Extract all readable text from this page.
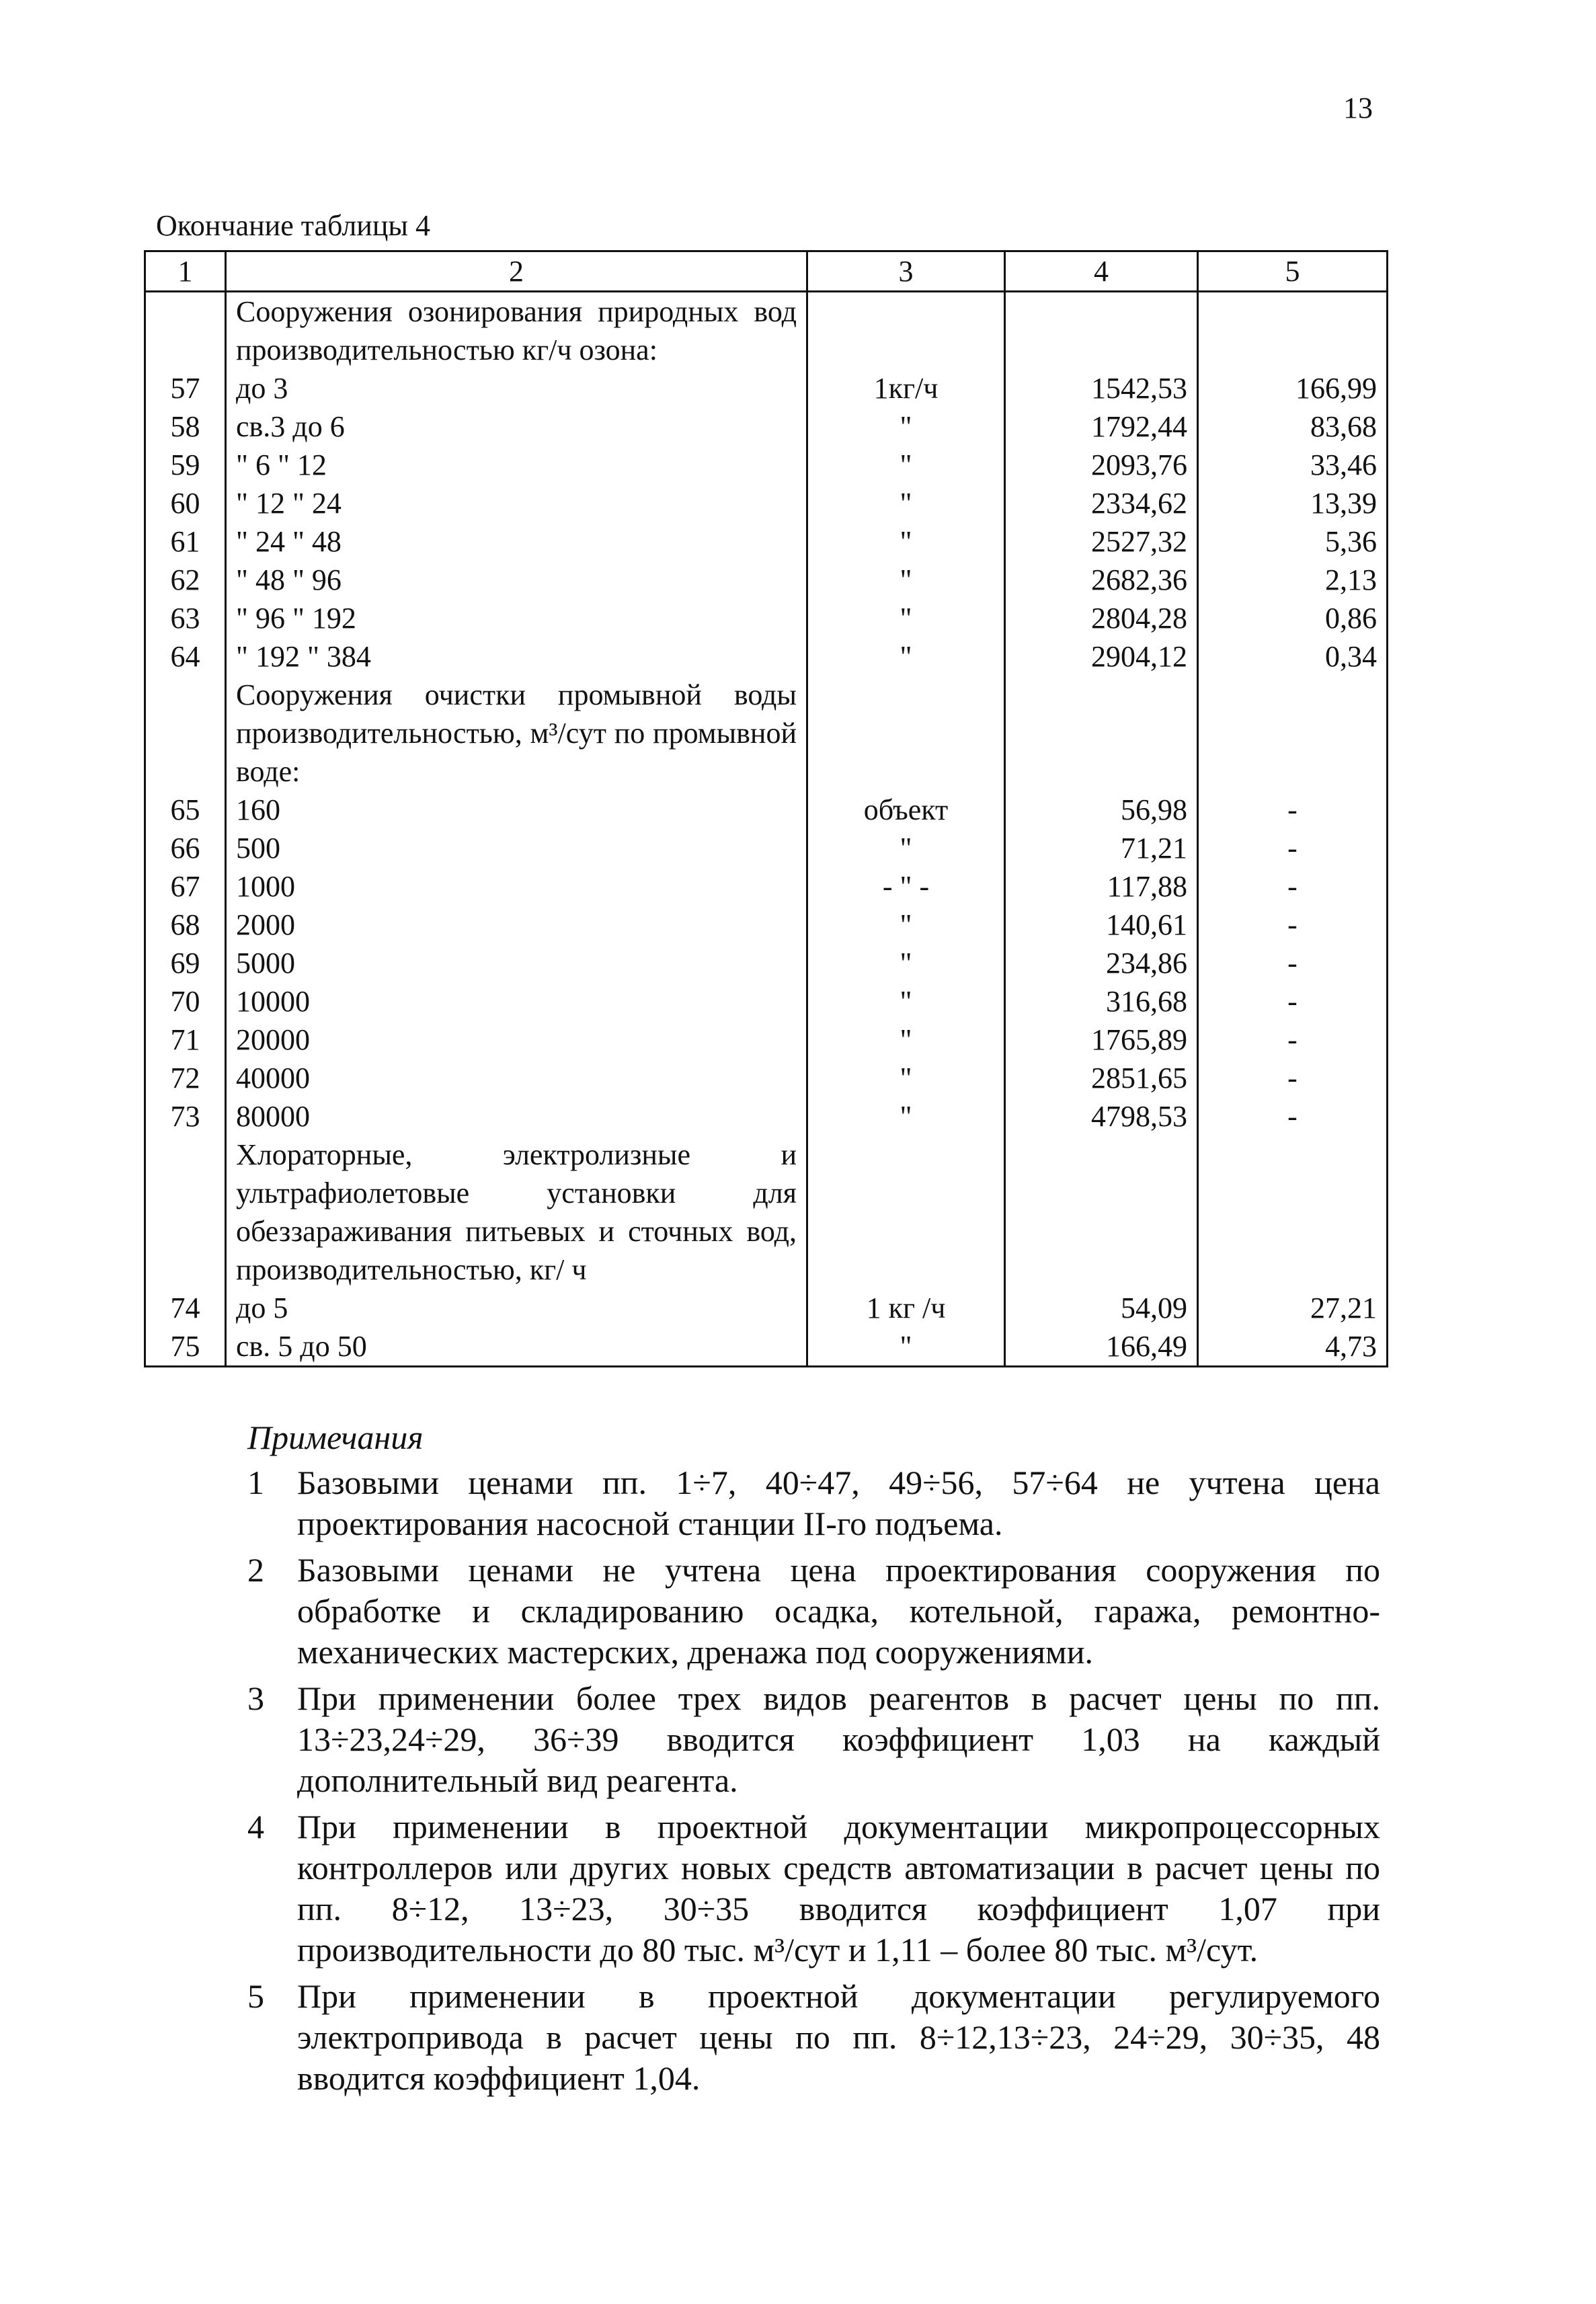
13
Окончание таблицы 4
1	2	3	4	5
	Сооружения озонирования природных вод производительностью кг/ч озона:			
57	до 3	1кг/ч	1542,53	166,99
58	св.3 до 6	"	1792,44	83,68
59	" 6 " 12	"	2093,76	33,46
60	" 12 " 24	"	2334,62	13,39
61	" 24 " 48	"	2527,32	5,36
62	" 48 " 96	"	2682,36	2,13
63	" 96 " 192	"	2804,28	0,86
64	" 192 " 384	"	2904,12	0,34
	Сооружения очистки промывной воды производительностью, м³/сут по промывной воде:			
65	160	объект	56,98	-
66	500	"	71,21	-
67	1000	- " -	117,88	-
68	2000	"	140,61	-
69	5000	"	234,86	-
70	10000	"	316,68	-
71	20000	"	1765,89	-
72	40000	"	2851,65	-
73	80000	"	4798,53	-
	Хлораторные, электролизные и ультрафиолетовые установки для обеззараживания питьевых и сточных вод, производительностью, кг/ ч			
74	до 5	1 кг /ч	54,09	27,21
75	св. 5 до 50	"	166,49	4,73
Примечания
1 Базовыми ценами пп. 1÷7, 40÷47, 49÷56, 57÷64 не учтена цена проектирования насосной станции II-го подъема.
2 Базовыми ценами не учтена цена проектирования сооружения по обработке и складированию осадка, котельной, гаража, ремонтно-механических мастерских, дренажа под сооружениями.
3 При применении более трех видов реагентов в расчет цены по пп. 13÷23,24÷29, 36÷39 вводится коэффициент 1,03 на каждый дополнительный вид реагента.
4 При применении в проектной документации микропроцессорных контроллеров или других новых средств автоматизации в расчет цены по пп. 8÷12, 13÷23, 30÷35 вводится коэффициент 1,07 при производительности до 80 тыс. м³/сут и 1,11 – более 80 тыс. м³/сут.
5 При применении в проектной документации регулируемого электропривода в расчет цены по пп. 8÷12,13÷23, 24÷29, 30÷35, 48 вводится коэффициент 1,04.
